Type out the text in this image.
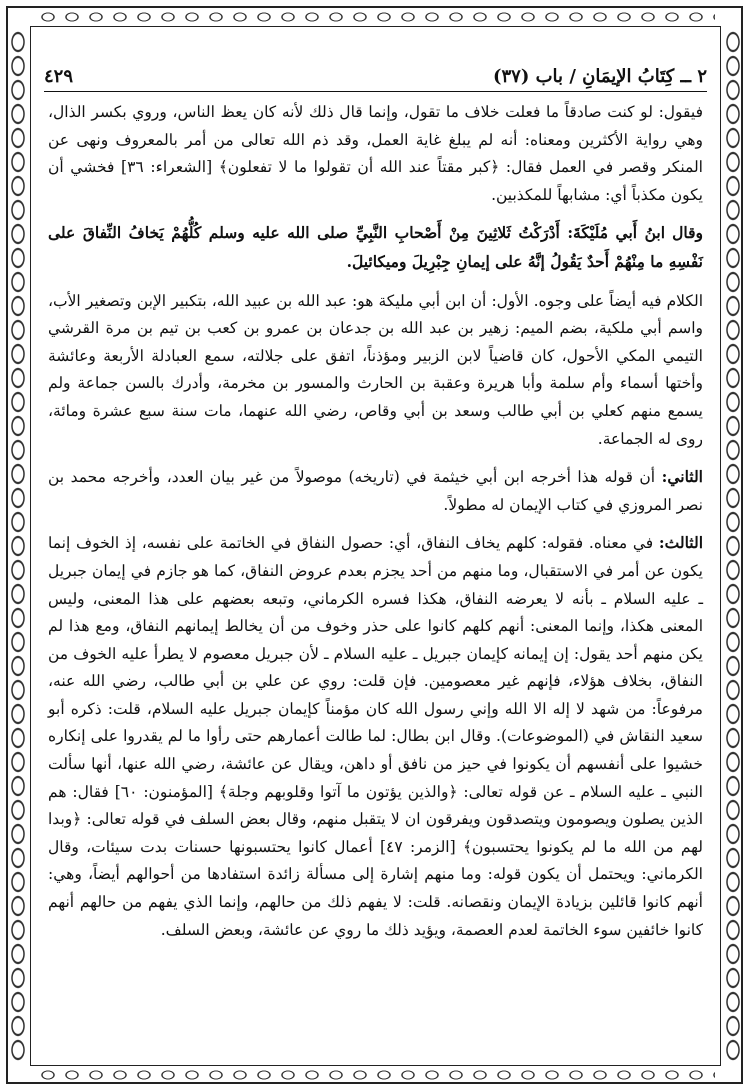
٢ ــ كِتَابُ الإيمَانِ / باب (٣٧)
٤٢٩

فيقول: لو كنت صادقاً ما فعلت خلاف ما تقول، وإنما قال ذلك لأنه كان يعظ الناس، وروي بكسر الذال، وهي رواية الأكثرين ومعناه: أنه لم يبلغ غاية العمل، وقد ذم الله تعالى من أمر بالمعروف ونهى عن المنكر وقصر في العمل فقال: ﴿كبر مقتاً عند الله أن تقولوا ما لا تفعلون﴾ [الشعراء: ٣٦] فخشي أن يكون مكذباً أي: مشابهاً للمكذبين.

وقال ابنُ أَبي مُلَيْكَةَ: أَدْرَكْتُ ثَلاثِينَ مِنْ أَصْحابِ النَّبِيِّ صلى الله عليه وسلم كُلُّهُمْ يَخافُ النِّفاقَ على نَفْسِهِ ما مِنْهُمْ أَحدٌ يَقُولُ إنَّهُ على إيمانِ جِبْرِيلَ وميكائيلَ.

الكلام فيه أيضاً على وجوه. الأول: أن ابن أبي مليكة هو: عبد الله بن عبيد الله، بتكبير الإبن وتصغير الأب، واسم أبي ملكية، بضم الميم: زهير بن عبد الله بن جدعان بن عمرو بن كعب بن تيم بن مرة القرشي التيمي المكي الأحول، كان قاضياً لابن الزبير ومؤذناً، اتفق على جلالته، سمع العبادلة الأربعة وعائشة وأختها أسماء وأم سلمة وأبا هريرة وعقبة بن الحارث والمسور بن مخرمة، وأدرك بالسن جماعة ولم يسمع منهم كعلي بن أبي طالب وسعد بن أبي وقاص، رضي الله عنهما، مات سنة سبع عشرة ومائة، روى له الجماعة.

الثاني: أن قوله هذا أخرجه ابن أبي خيثمة في (تاريخه) موصولاً من غير بيان العدد، وأخرجه محمد بن نصر المروزي في كتاب الإيمان له مطولاً.

الثالث: في معناه. فقوله: كلهم يخاف النفاق، أي: حصول النفاق في الخاتمة على نفسه، إذ الخوف إنما يكون عن أمر في الاستقبال، وما منهم من أحد يجزم بعدم عروض النفاق، كما هو جازم في إيمان جبريل ـ عليه السلام ـ بأنه لا يعرضه النفاق، هكذا فسره الكرماني، وتبعه بعضهم على هذا المعنى، وليس المعنى هكذا، وإنما المعنى: أنهم كلهم كانوا على حذر وخوف من أن يخالط إيمانهم النفاق، ومع هذا لم يكن منهم أحد يقول: إن إيمانه كإيمان جبريل ـ عليه السلام ـ لأن جبريل معصوم لا يطرأ عليه الخوف من النفاق، بخلاف هؤلاء، فإنهم غير معصومين. فإن قلت: روي عن علي بن أبي طالب، رضي الله عنه، مرفوعاً: من شهد لا إله الا الله وإني رسول الله كان مؤمناً كإيمان جبريل عليه السلام، قلت: ذكره أبو سعيد النقاش في (الموضوعات). وقال ابن بطال: لما طالت أعمارهم حتى رأوا ما لم يقدروا على إنكاره خشيوا على أنفسهم أن يكونوا في حيز من نافق أو داهن، ويقال عن عائشة، رضي الله عنها، أنها سألت النبي ـ عليه السلام ـ عن قوله تعالى: ﴿والذين يؤتون ما آتوا وقلوبهم وجلة﴾ [المؤمنون: ٦٠] فقال: هم الذين يصلون ويصومون ويتصدقون ويفرقون ان لا يتقبل منهم، وقال بعض السلف في قوله تعالى: ﴿وبدا لهم من الله ما لم يكونوا يحتسبون﴾ [الزمر: ٤٧] أعمال كانوا يحتسبونها حسنات بدت سيئات، وقال الكرماني: ويحتمل أن يكون قوله: وما منهم إشارة إلى مسألة زائدة استفادها من أحوالهم أيضاً، وهي: أنهم كانوا قائلين بزيادة الإيمان ونقصانه. قلت: لا يفهم ذلك من حالهم، وإنما الذي يفهم من حالهم أنهم كانوا خائفين سوء الخاتمة لعدم العصمة، ويؤيد ذلك ما روي عن عائشة، وبعض السلف.
